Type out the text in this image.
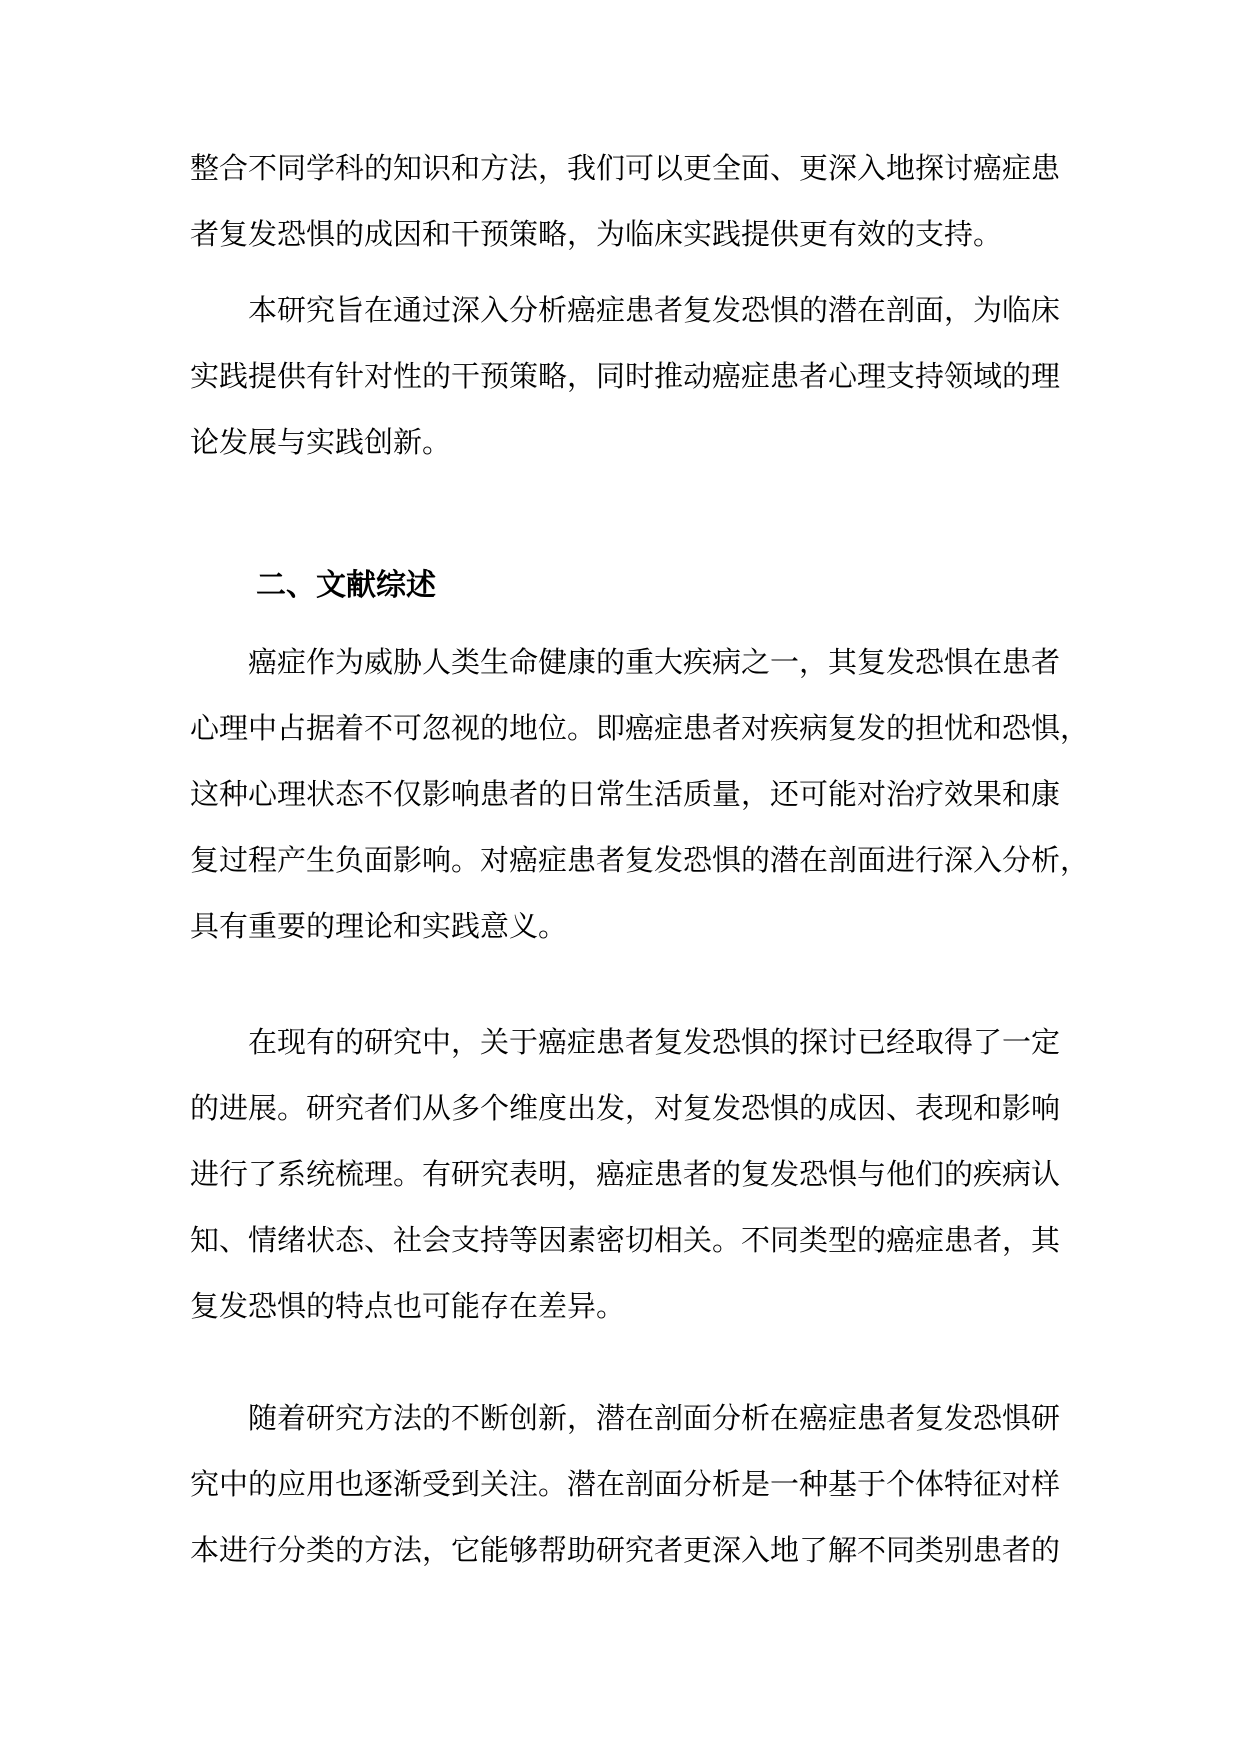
整合不同学科的知识和方法，我们可以更全面、更深入地探讨癌症患
者复发恐惧的成因和干预策略，为临床实践提供更有效的支持。
本研究旨在通过深入分析癌症患者复发恐惧的潜在剖面，为临床
实践提供有针对性的干预策略，同时推动癌症患者心理支持领域的理
论发展与实践创新。
二、文献综述
癌症作为威胁人类生命健康的重大疾病之一，其复发恐惧在患者
心理中占据着不可忽视的地位。即癌症患者对疾病复发的担忧和恐惧，
这种心理状态不仅影响患者的日常生活质量，还可能对治疗效果和康
复过程产生负面影响。对癌症患者复发恐惧的潜在剖面进行深入分析，
具有重要的理论和实践意义。
在现有的研究中，关于癌症患者复发恐惧的探讨已经取得了一定
的进展。研究者们从多个维度出发，对复发恐惧的成因、表现和影响
进行了系统梳理。有研究表明，癌症患者的复发恐惧与他们的疾病认
知、情绪状态、社会支持等因素密切相关。不同类型的癌症患者，其
复发恐惧的特点也可能存在差异。
随着研究方法的不断创新，潜在剖面分析在癌症患者复发恐惧研
究中的应用也逐渐受到关注。潜在剖面分析是一种基于个体特征对样
本进行分类的方法，它能够帮助研究者更深入地了解不同类别患者的
